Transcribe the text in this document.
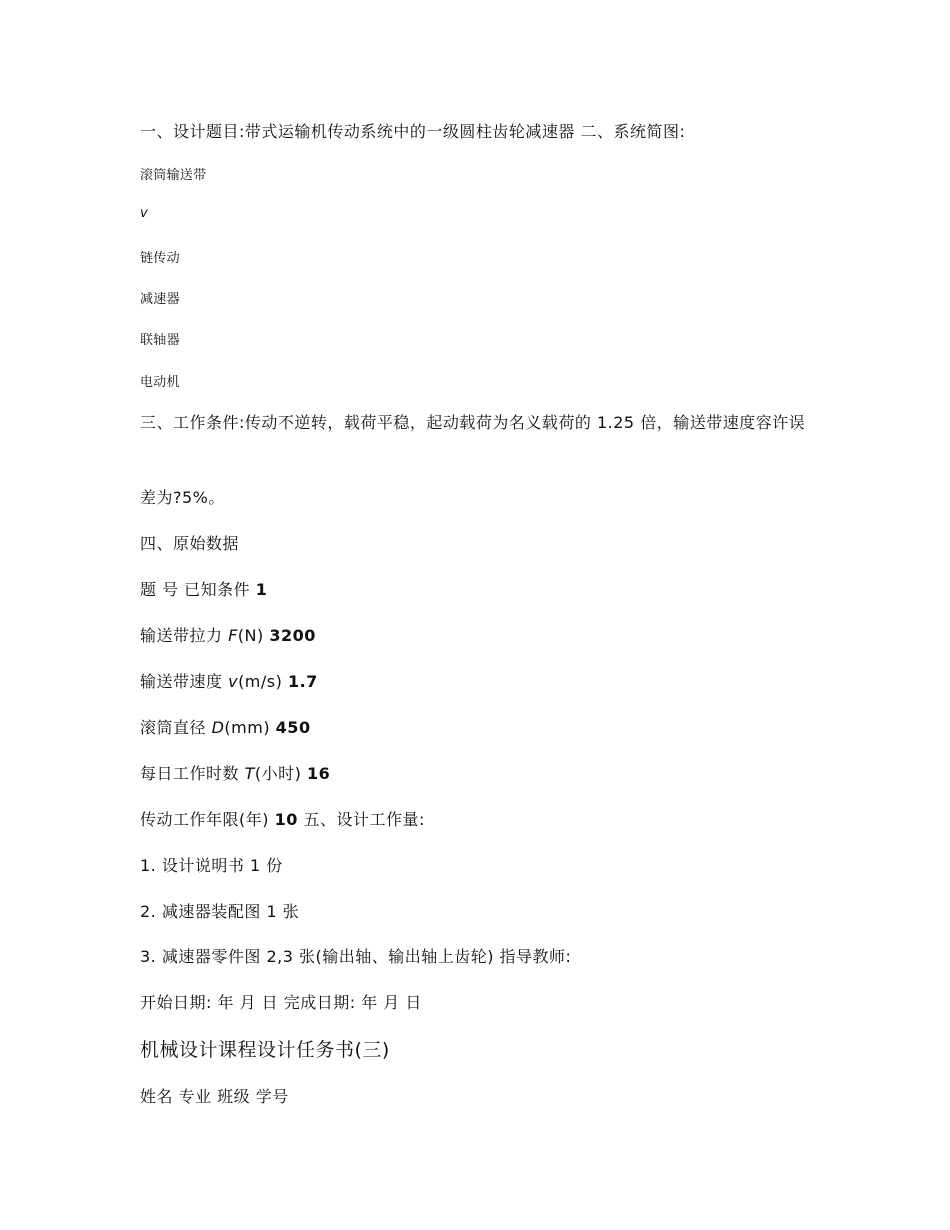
一、设计题目:带式运输机传动系统中的一级圆柱齿轮减速器 二、系统简图:
滚筒输送带
v
链传动
减速器
联轴器
电动机
三、工作条件:传动不逆转，载荷平稳，起动载荷为名义载荷的 1.25 倍，输送带速度容许误
差为?5%。
四、原始数据
题 号 已知条件 1
输送带拉力 F(N) 3200
输送带速度 v(m/s) 1.7
滚筒直径 D(mm) 450
每日工作时数 T(小时) 16
传动工作年限(年) 10 五、设计工作量:
1. 设计说明书 1 份
2. 减速器装配图 1 张
3. 减速器零件图 2,3 张(输出轴、输出轴上齿轮) 指导教师:
开始日期: 年 月 日 完成日期: 年 月 日
机械设计课程设计任务书(三)
姓名 专业 班级 学号
